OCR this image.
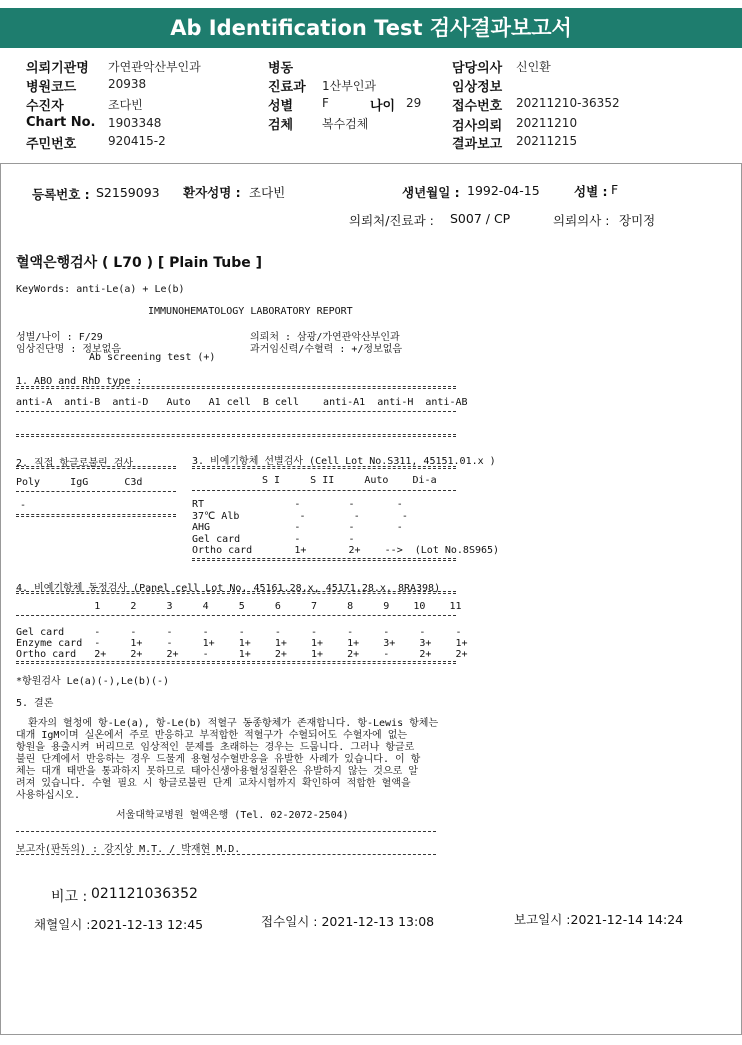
Ab Identification Test 검사결과보고서
의뢰기관명 가연관악산부인과
병원코드	20938
수진자	조다빈
Chart No. 1903348
주민번호	920415-2
병동
진료과 1산부인과
성별 F	나이 29
검체 복수검체
담당의사 신인환
임상정보
접수번호 20211210-36352
검사의뢰 20211210
결과보고 20211215
등록번호 : S2159093 환자성명 : 조다빈	생년월일 : 1992-04-15	성별 : F
의뢰처/진료과 : S007 / CP	의뢰의사 : 장미정
혈액은행검사 ( L70 ) [ Plain Tube ]
KeyWords: anti-Le(a) + Le(b)
IMMUNOHEMATOLOGY LABORATORY REPORT
성별/나이 : F/29	의뢰처 : 삼광/가연관악산부인과
임상진단명 : 정보없음	과거임신력/수혈력 : +/정보없음
Ab screening test (+)
1. ABO and RhD type :
anti-A  anti-B  anti-D   Auto   A1 cell  B cell    anti-A1  anti-H  anti-AB
2. 직접 항글로불린 검사	3. 비예기항체 선별검사 (Cell Lot No.S311, 45151.01.x )
Poly     IgG      C3d	S I     S II     Auto    Di-a
-	RT               -        -       -
37℃ Alb          -        -       -
AHG              -        -       -
Gel card         -        -
Ortho card       1+       2+    -->  (Lot No.8S965)
4. 비예기항체 동정검사 (Panel cell Lot No. 45161.28.x, 45171.28.x, 8RA398)
1     2     3     4     5     6     7     8     9    10    11
Gel card     -     -     -     -     -     -     -     -     -     -     -
Enzyme card  -     1+    -     1+    1+    1+    1+    1+    3+    3+    1+
Ortho card   2+    2+    2+    -     1+    2+    1+    2+    -     2+    2+
*항원검사 Le(a)(-),Le(b)(-)
5. 결론
환자의 혈청에 항-Le(a), 항-Le(b) 적혈구 동종항체가 존재합니다. 항-Lewis 항체는
대개 IgM이며 실온에서 주로 반응하고 부적합한 적혈구가 수혈되어도 수혈자에 없는
항원을 용출시켜 버리므로 임상적인 문제를 초래하는 경우는 드뭅니다. 그러나 항글로
불린 단계에서 반응하는 경우 드물게 용혈성수혈반응을 유발한 사례가 있습니다. 이 항
체는 대개 태반을 통과하지 못하므로 태아신생아용혈성질환은 유발하지 않는 것으로 알
려져 있습니다. 수혈 필요 시 항글로불린 단계 교차시험까지 확인하여 적합한 혈액을
사용하십시오.
서울대학교병원 혈액은행 (Tel. 02-2072-2504)
보고자(판독의) : 강지상 M.T. / 박재현 M.D.
비고 : 021121036352
채혈일시 :2021-12-13 12:45	접수일시 : 2021-12-13 13:08	보고일시 :2021-12-14 14:24
